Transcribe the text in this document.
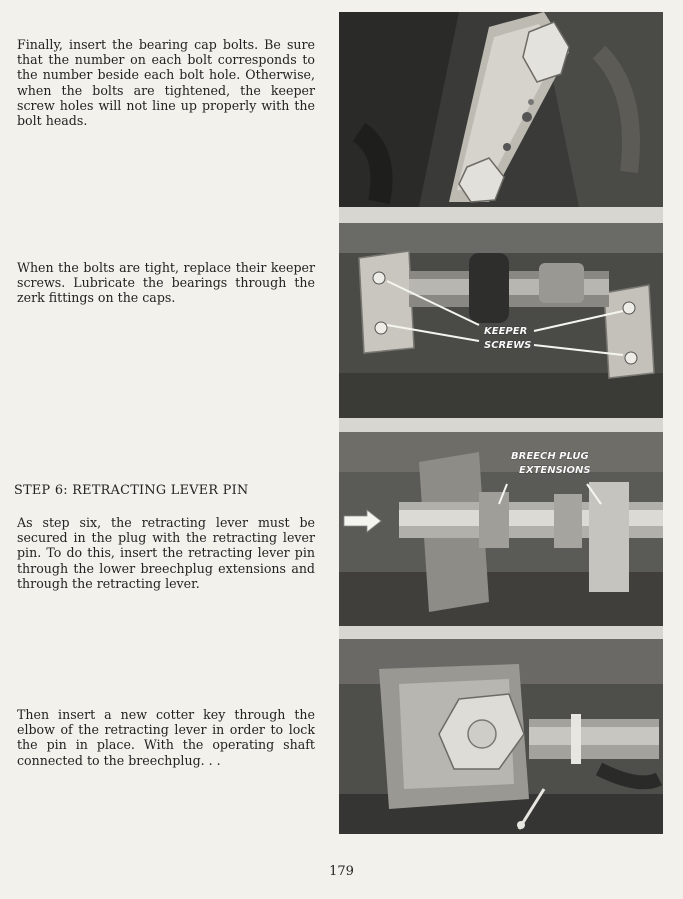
Finally, insert the bearing cap bolts. Be sure that the number on each bolt corresponds to the number beside each bolt hole. Otherwise, when the bolts are tightened, the keeper screw holes will not line up properly with the bolt heads.

When the bolts are tight, replace their keeper screws. Lubricate the bearings through the zerk fittings on the caps.

STEP 6: RETRACTING LEVER PIN

As step six, the retracting lever must be secured in the plug with the retracting lever pin. To do this, insert the retracting lever pin through the lower breechplug extensions and through the retracting lever.

Then insert a new cotter key through the elbow of the retracting lever in order to lock the pin in place. With the operating shaft connected to the breechplug. . .

KEEPER
SCREWS
BREECH PLUG
EXTENSIONS
179
